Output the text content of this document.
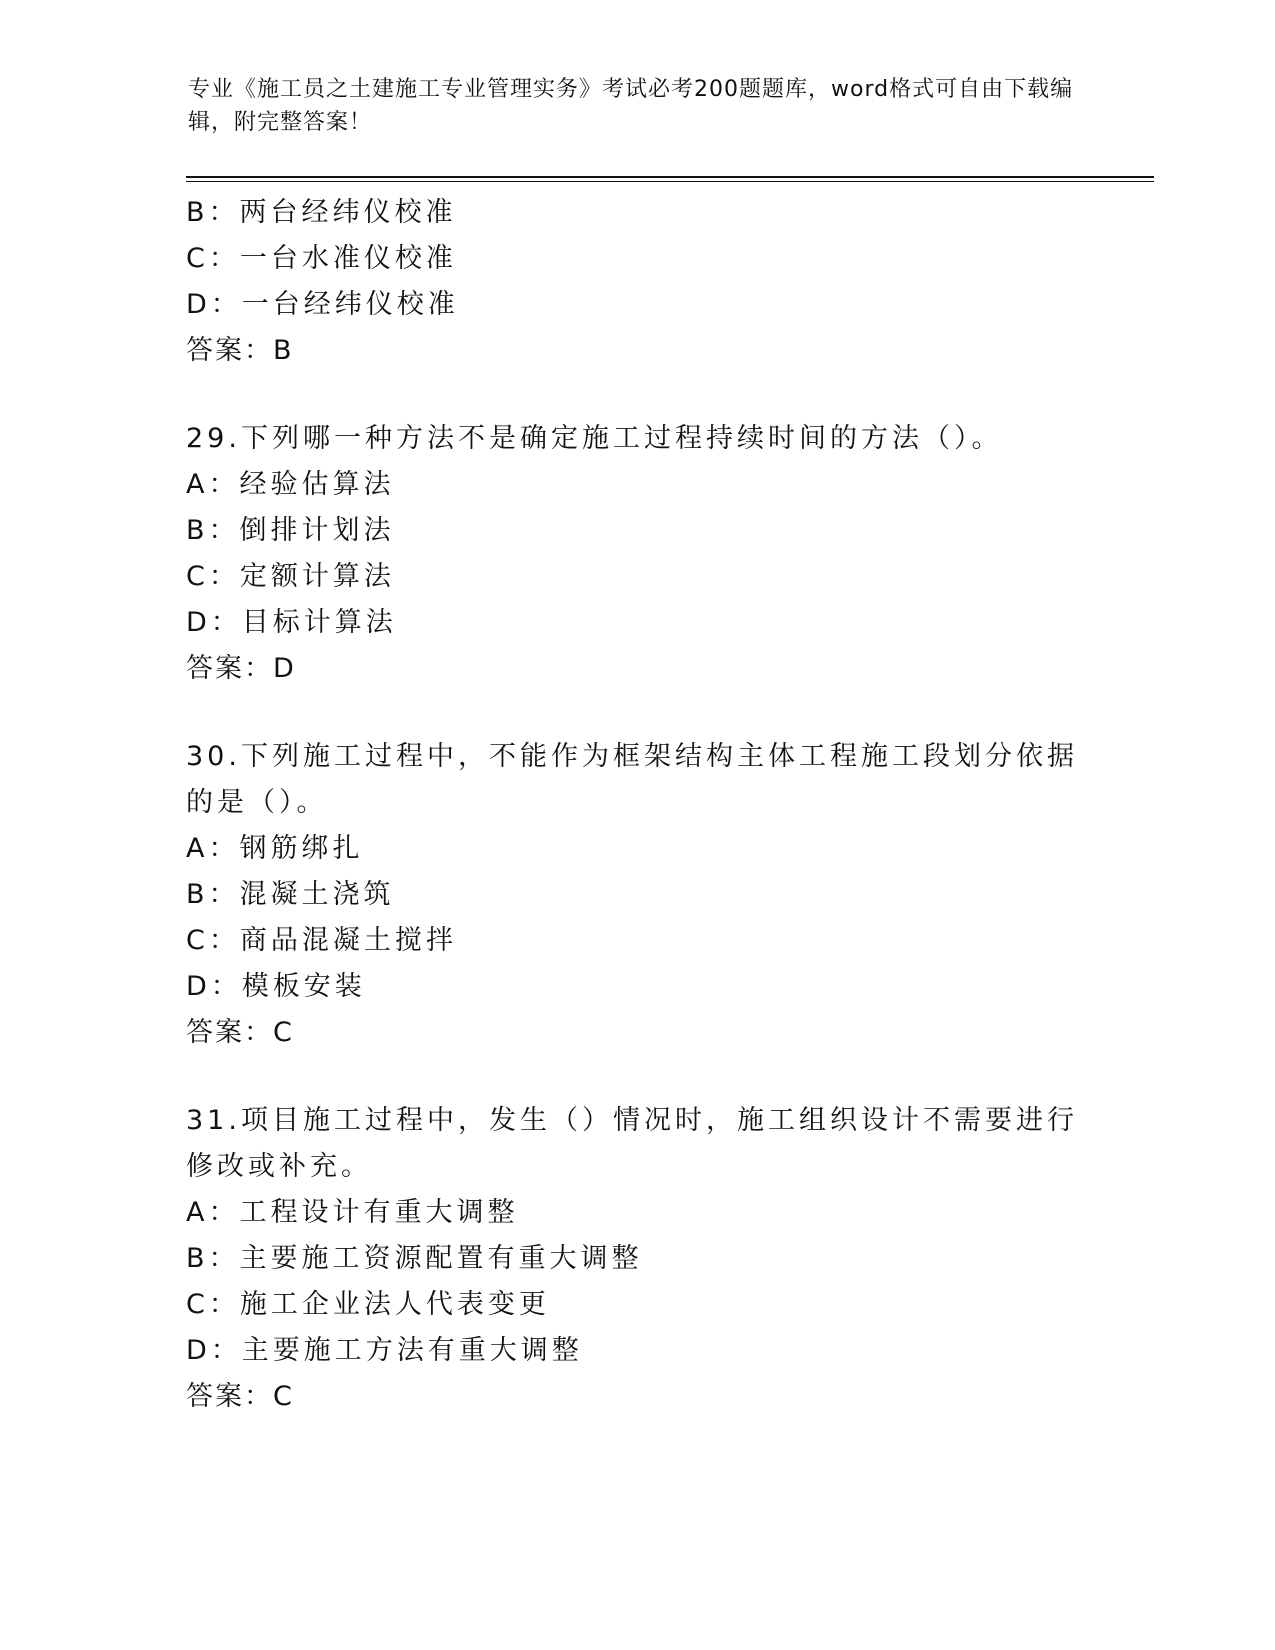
专业《施工员之土建施工专业管理实务》考试必考200题题库，word格式可自由下载编辑，附完整答案！
B：两台经纬仪校准
C：一台水准仪校准
D：一台经纬仪校准
答案：B
29.下列哪一种方法不是确定施工过程持续时间的方法（）。
A：经验估算法
B：倒排计划法
C：定额计算法
D：目标计算法
答案：D
30.下列施工过程中，不能作为框架结构主体工程施工段划分依据的是（）。
A：钢筋绑扎
B：混凝土浇筑
C：商品混凝土搅拌
D：模板安装
答案：C
31.项目施工过程中，发生（）情况时，施工组织设计不需要进行修改或补充。
A：工程设计有重大调整
B：主要施工资源配置有重大调整
C：施工企业法人代表变更
D：主要施工方法有重大调整
答案：C
